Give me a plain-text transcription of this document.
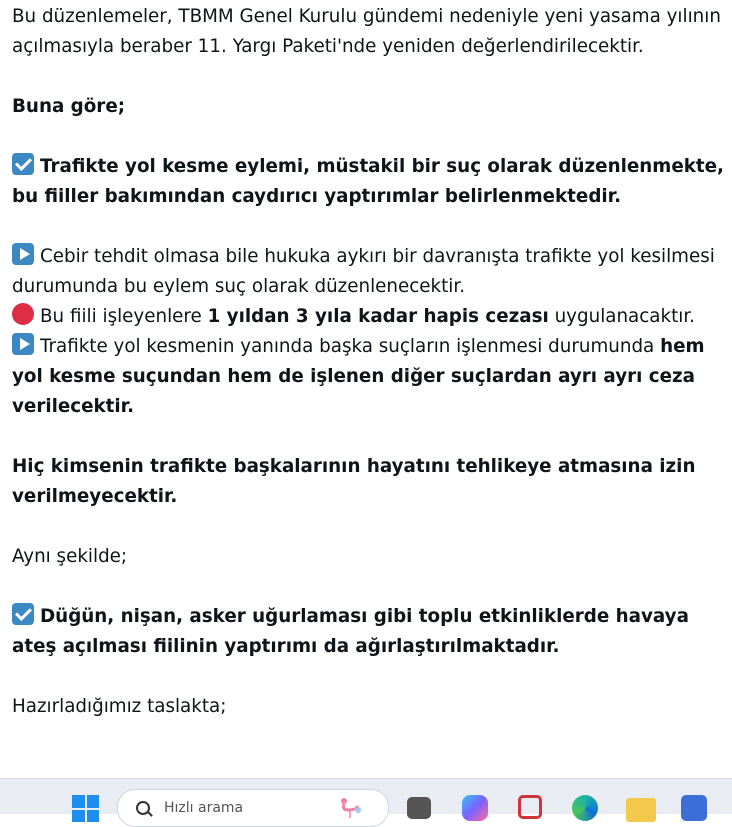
Bu düzenlemeler, TBMM Genel Kurulu gündemi nedeniyle yeni yasama yılının açılmasıyla beraber 11. Yargı Paketi'nde yeniden değerlendirilecektir.

Buna göre;

Trafikte yol kesme eylemi, müstakil bir suç olarak düzenlenmekte, bu fiiller bakımından caydırıcı yaptırımlar belirlenmektedir.

Cebir tehdit olmasa bile hukuka aykırı bir davranışta trafikte yol kesilmesi durumunda bu eylem suç olarak düzenlenecektir.

Bu fiili işleyenlere 1 yıldan 3 yıla kadar hapis cezası uygulanacaktır.

Trafikte yol kesmenin yanında başka suçların işlenmesi durumunda hem yol kesme suçundan hem de işlenen diğer suçlardan ayrı ayrı ceza verilecektir.

Hiç kimsenin trafikte başkalarının hayatını tehlikeye atmasına izin verilmeyecektir.

Aynı şekilde;

Düğün, nişan, asker uğurlaması gibi toplu etkinliklerde havaya ateş açılması fiilinin yaptırımı da ağırlaştırılmaktadır.

Hazırladığımız taslakta;

Hızlı arama
